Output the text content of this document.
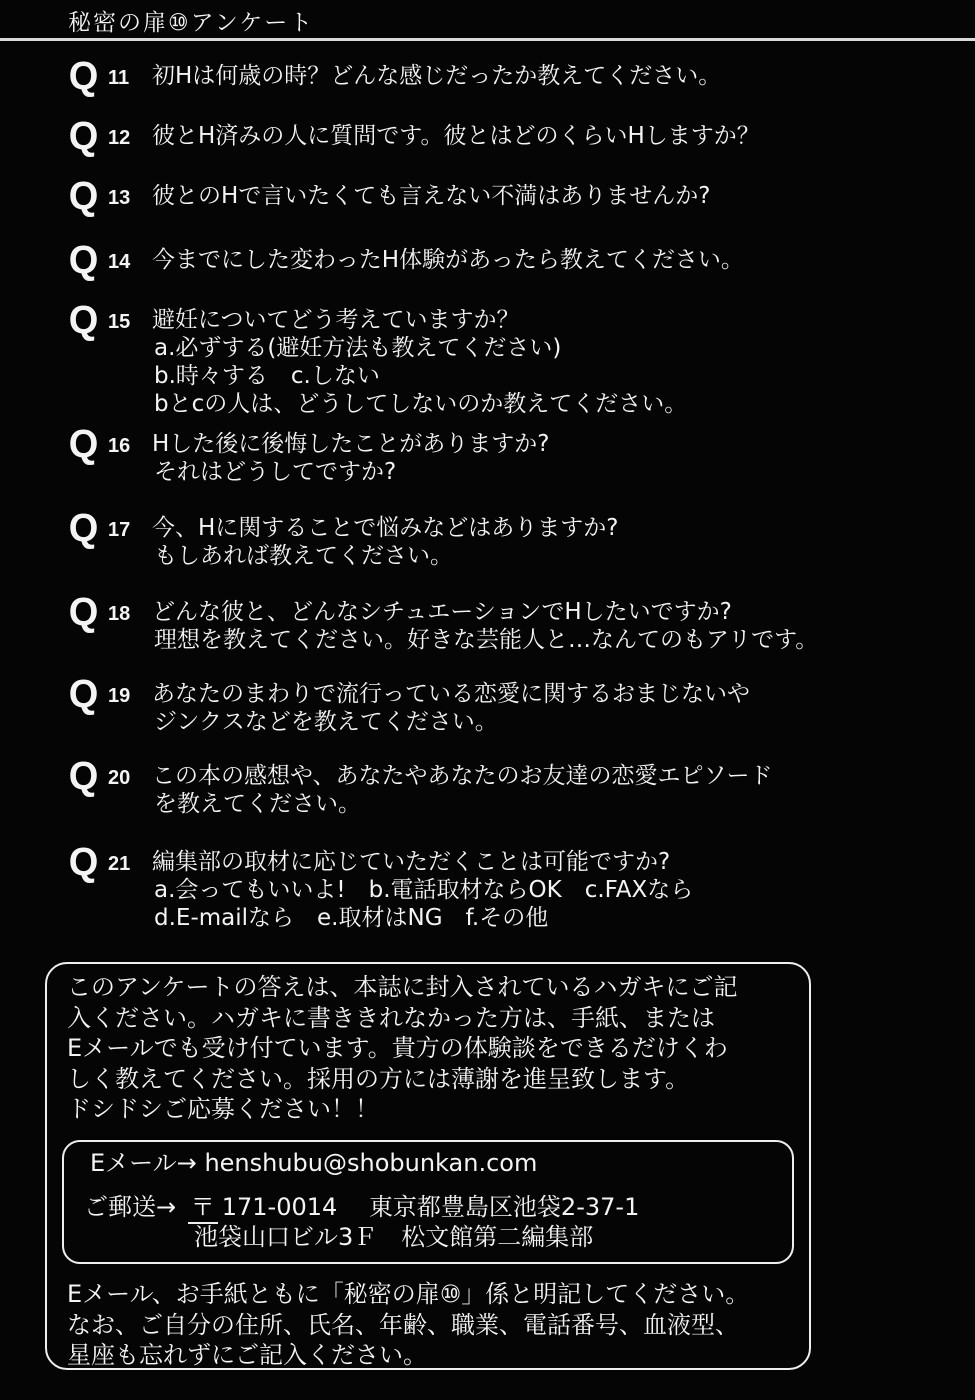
秘密の扉⑩アンケート
Q 11 初Hは何歳の時？どんな感じだったか教えてください。
Q 12 彼とH済みの人に質問です。彼とはどのくらいHしますか？
Q 13 彼とのHで言いたくても言えない不満はありませんか?
Q 14 今までにした変わったH体験があったら教えてください。
Q 15 避妊についてどう考えていますか？
a.必ずする(避妊方法も教えてください)
b.時々する　c.しない
bとcの人は、どうしてしないのか教えてください。
Q 16 Hした後に後悔したことがありますか?
それはどうしてですか?
Q 17 今、Hに関することで悩みなどはありますか?
もしあれば教えてください。
Q 18 どんな彼と、どんなシチュエーションでHしたいですか?
理想を教えてください。好きな芸能人と…なんてのもアリです。
Q 19 あなたのまわりで流行っている恋愛に関するおまじないや
ジンクスなどを教えてください。
Q 20 この本の感想や、あなたやあなたのお友達の恋愛エピソード
を教えてください。
Q 21 編集部の取材に応じていただくことは可能ですか?
a.会ってもいいよ!　b.電話取材ならOK　c.FAXなら
d.E-mailなら　e.取材はNG　f.その他
このアンケートの答えは、本誌に封入されているハガキにご記
入ください。ハガキに書ききれなかった方は、手紙、または
Eメールでも受け付ています。貴方の体験談をできるだけくわ
しく教えてください。採用の方には薄謝を進呈致します。
ドシドシご応募ください！！
Eメール→ henshubu@shobunkan.com
ご郵送→ 〒 171-0014 東京都豊島区池袋2-37-1
池袋山口ビル3Ｆ　松文館第二編集部
Eメール、お手紙ともに「秘密の扉⑩」係と明記してください。
なお、ご自分の住所、氏名、年齢、職業、電話番号、血液型、
星座も忘れずにご記入ください。
